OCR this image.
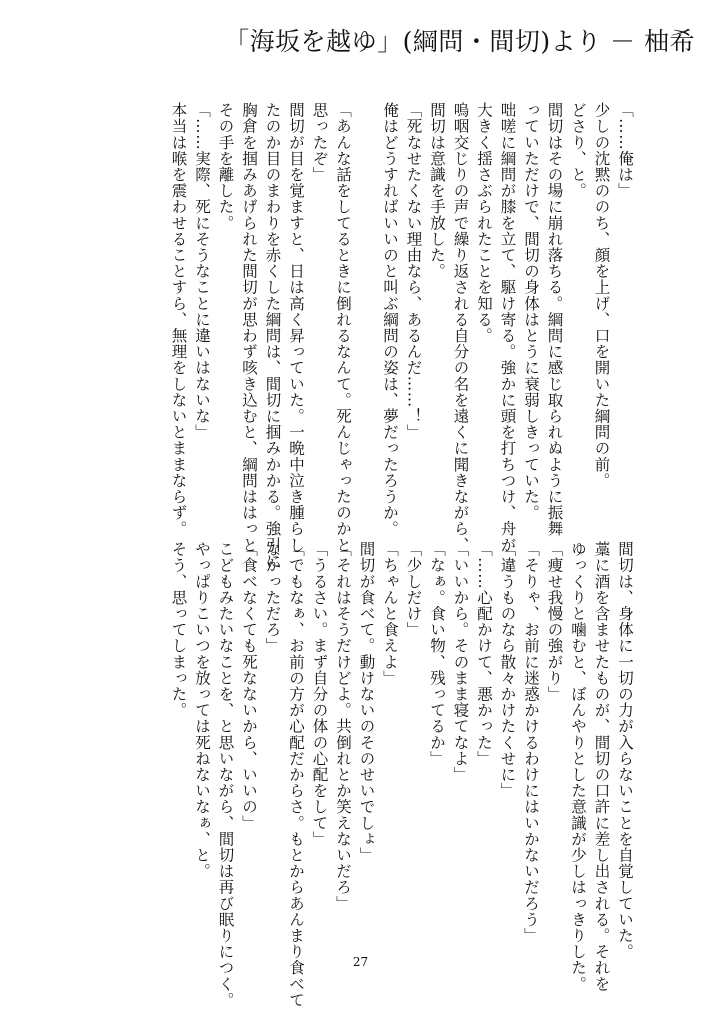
「海坂を越ゆ」(綱問・間切)より － 柚希

「……俺は」

少しの沈黙ののち、顔を上げ、口を開いた綱問の前。

どさり、と。

間切はその場に崩れ落ちる。綱問に感じ取られぬように振舞

っていただけで、間切の身体はとうに衰弱しきっていた。

咄嗟に綱問が膝を立て、駆け寄る。強かに頭を打ちつけ、舟が

大きく揺さぶられたことを知る。

嗚咽交じりの声で繰り返される自分の名を遠くに聞きながら、

間切は意識を手放した。

「死なせたくない理由なら、あるんだ……！」

俺はどうすればいいのと叫ぶ綱問の姿は、夢だったろうか。

「あんな話をしてるときに倒れるなんて。死んじゃったのかと

思ったぞ」

間切が目を覚ますと、日は高く昇っていた。一晩中泣き腫らし

たのか目のまわりを赤くした綱問は、間切に掴みかかる。強引に

胸倉を掴みあげられた間切が思わず咳き込むと、綱問ははっと

その手を離した。

「……実際、死にそうなことに違いはないな」

本当は喉を震わせることすら、無理をしないとままならず。

間切は、身体に一切の力が入らないことを自覚していた。

藁に酒を含ませたものが、間切の口許に差し出される。それを

ゆっくりと噛むと、ぼんやりとした意識が少しはっきりした。

「痩せ我慢の強がり」

「そりゃ、お前に迷惑かけるわけにはいかないだろう」

「違うものなら散々かけたくせに」

「……心配かけて、悪かった」

「いいから。そのまま寝てなよ」

「なぁ。食い物、残ってるか」

「少しだけ」

「ちゃんと食えよ」

間切が食べて。動けないのそのせいでしょ」

「それはそうだけどよ。共倒れとか笑えないだろ」

「うるさい。まず自分の体の心配をして」

「でもなぁ、お前の方が心配だからさ。もとからあんまり食べて

なかっただろ」

「食べなくても死なないから、いいの」

こどもみたいなことを、と思いながら、間切は再び眠りにつく。

やっぱりこいつを放っては死ねないなぁ、と。

そう、思ってしまった。

27
